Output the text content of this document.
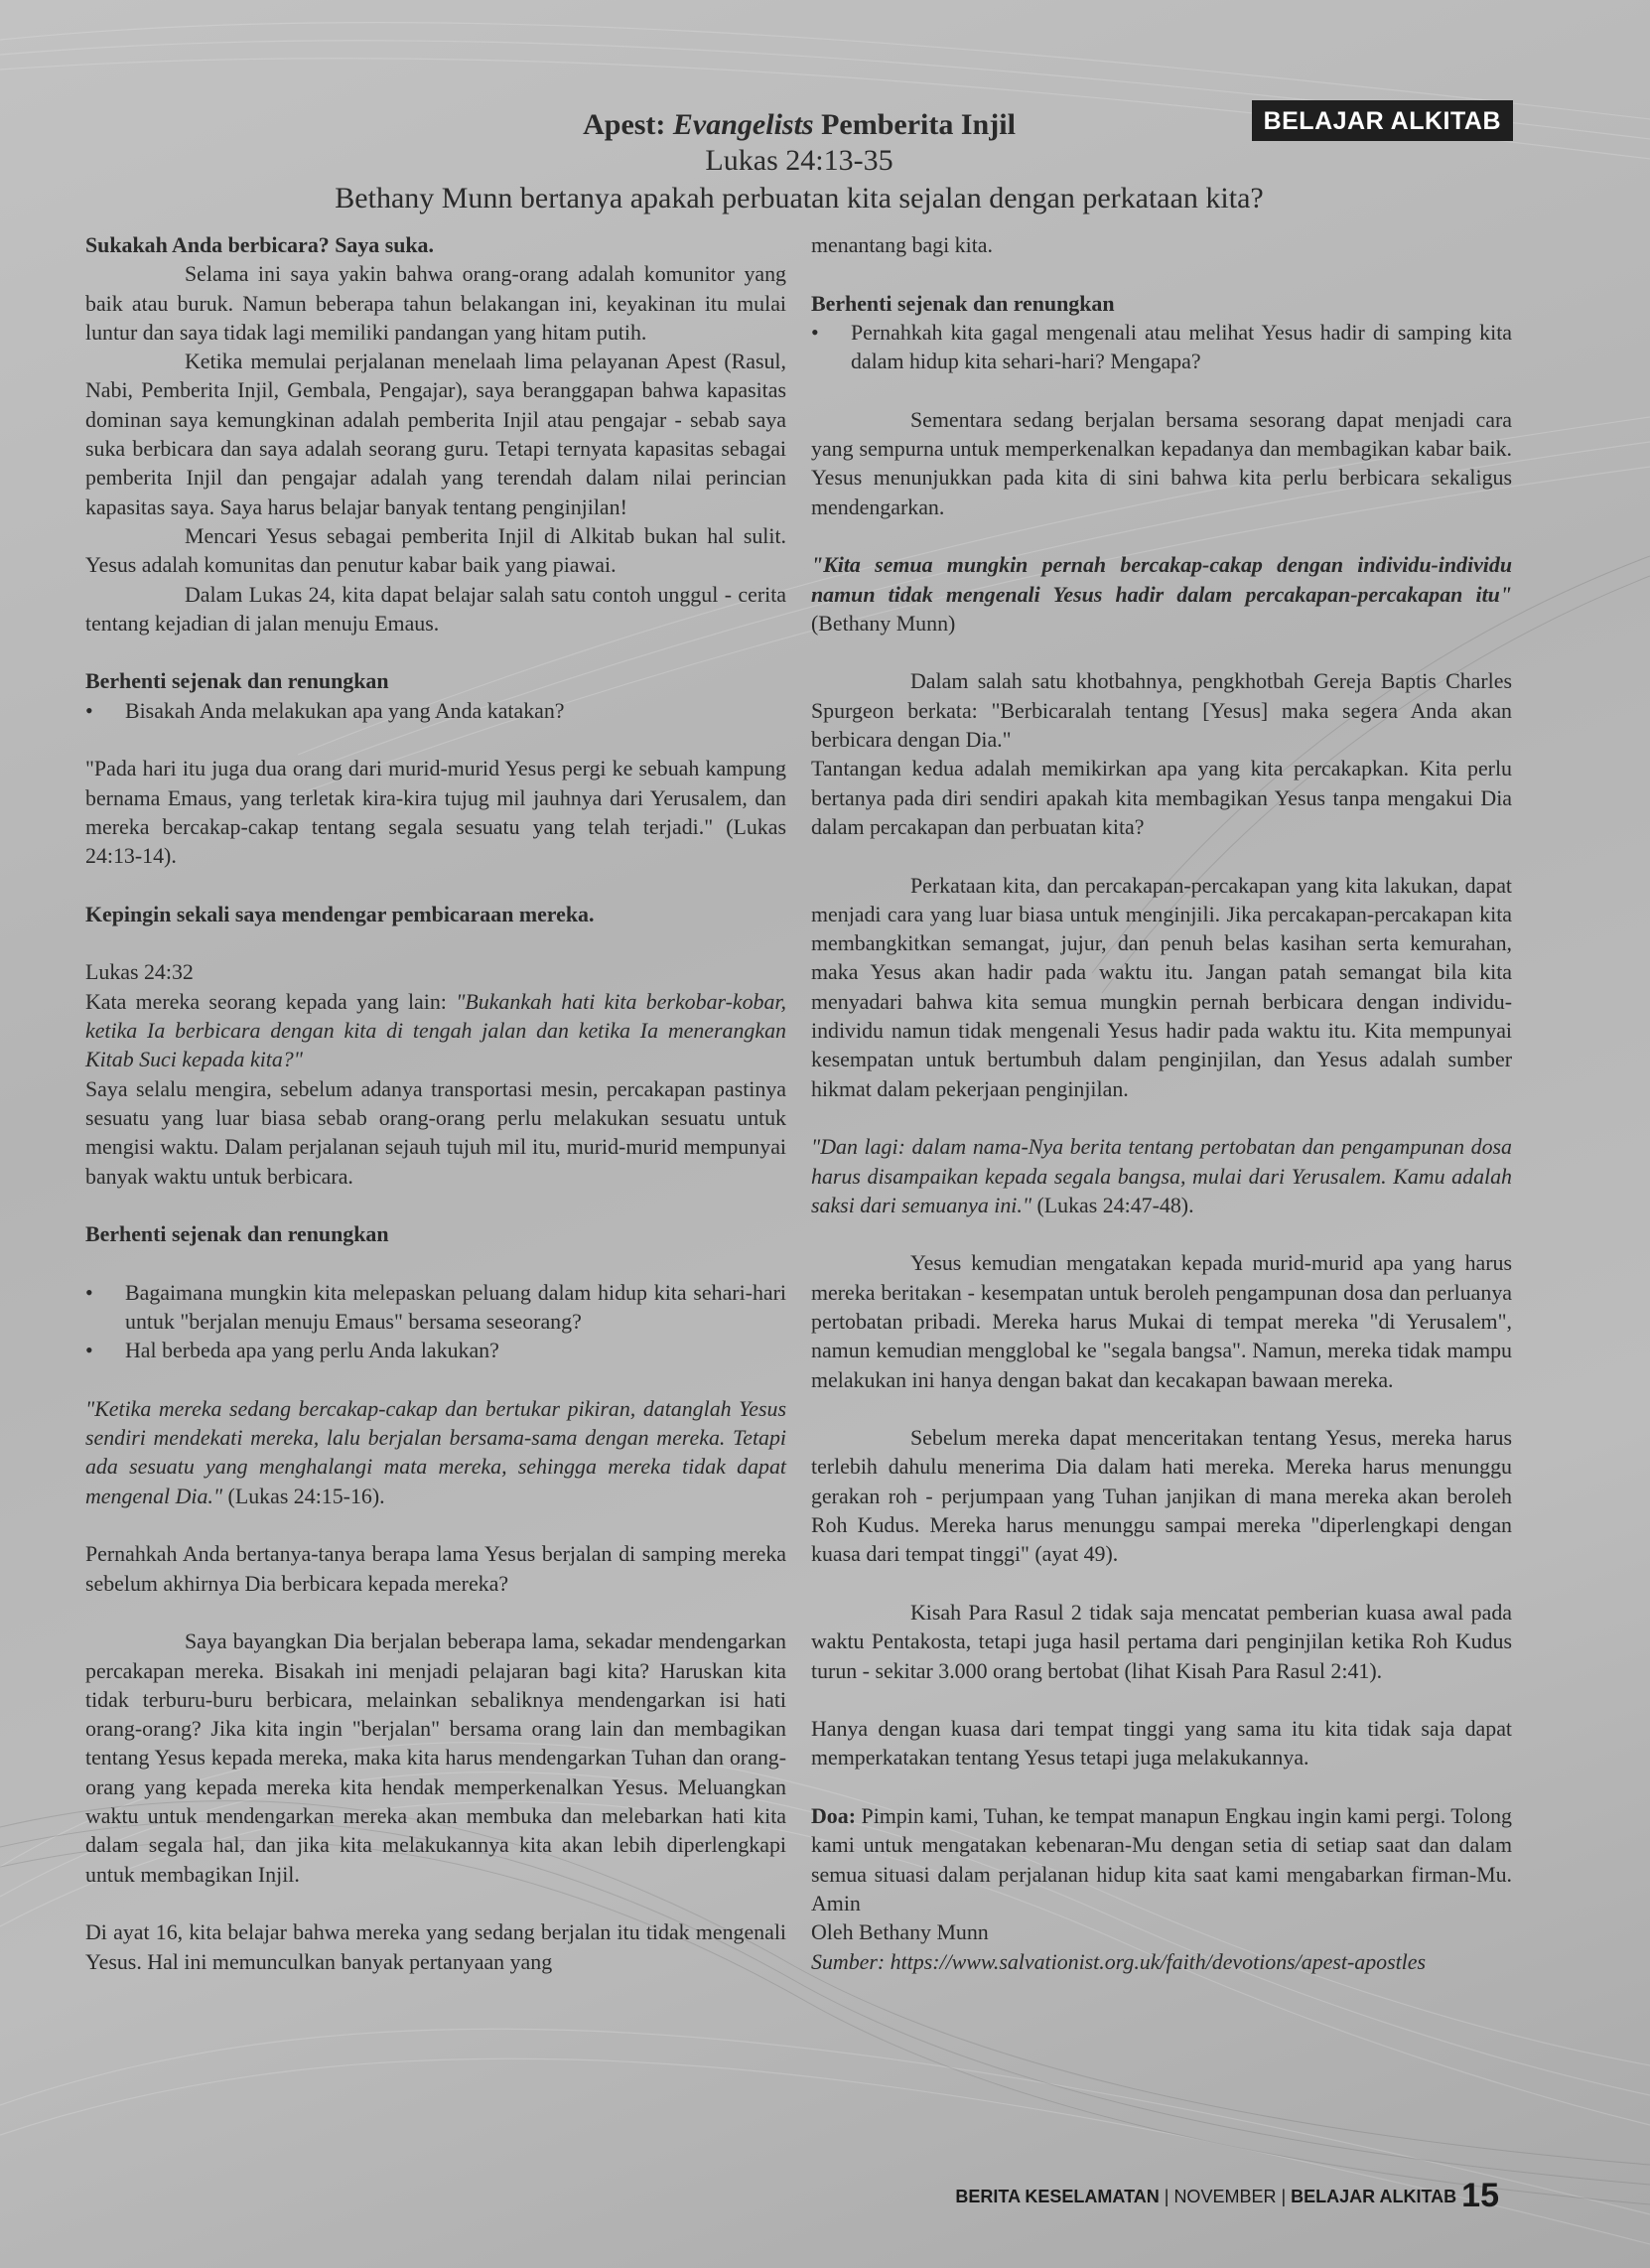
BELAJAR ALKITAB
Apest: Evangelists Pemberita Injil
Lukas 24:13-35
Bethany Munn bertanya apakah perbuatan kita sejalan dengan perkataan kita?

Sukakah Anda berbicara? Saya suka.

Selama ini saya yakin bahwa orang-orang adalah komunitor yang baik atau buruk. Namun beberapa tahun belakangan ini, keyakinan itu mulai luntur dan saya tidak lagi memiliki pandangan yang hitam putih.

Ketika memulai perjalanan menelaah lima pelayanan Apest (Rasul, Nabi, Pemberita Injil, Gembala, Pengajar), saya beranggapan bahwa kapasitas dominan saya kemungkinan adalah pemberita Injil atau pengajar - sebab saya suka berbicara dan saya adalah seorang guru. Tetapi ternyata kapasitas sebagai pemberita Injil dan pengajar adalah yang terendah dalam nilai perincian kapasitas saya. Saya harus belajar banyak tentang penginjilan!

Mencari Yesus sebagai pemberita Injil di Alkitab bukan hal sulit. Yesus adalah komunitas dan penutur kabar baik yang piawai.

Dalam Lukas 24, kita dapat belajar salah satu contoh unggul - cerita tentang kejadian di jalan menuju Emaus.

Berhenti sejenak dan renungkan

• Bisakah Anda melakukan apa yang Anda katakan?

"Pada hari itu juga dua orang dari murid-murid Yesus pergi ke sebuah kampung bernama Emaus, yang terletak kira-kira tujug mil jauhnya dari Yerusalem, dan mereka bercakap-cakap tentang segala sesuatu yang telah terjadi." (Lukas 24:13-14).

Kepingin sekali saya mendengar pembicaraan mereka.

Lukas 24:32

Kata mereka seorang kepada yang lain: "Bukankah hati kita berkobar-kobar, ketika Ia berbicara dengan kita di tengah jalan dan ketika Ia menerangkan Kitab Suci kepada kita?"

Saya selalu mengira, sebelum adanya transportasi mesin, percakapan pastinya sesuatu yang luar biasa sebab orang-orang perlu melakukan sesuatu untuk mengisi waktu. Dalam perjalanan sejauh tujuh mil itu, murid-murid mempunyai banyak waktu untuk berbicara.

Berhenti sejenak dan renungkan

• Bagaimana mungkin kita melepaskan peluang dalam hidup kita sehari-hari untuk "berjalan menuju Emaus" bersama seseorang?

• Hal berbeda apa yang perlu Anda lakukan?

"Ketika mereka sedang bercakap-cakap dan bertukar pikiran, datanglah Yesus sendiri mendekati mereka, lalu berjalan bersama-sama dengan mereka. Tetapi ada sesuatu yang menghalangi mata mereka, sehingga mereka tidak dapat mengenal Dia." (Lukas 24:15-16).

Pernahkah Anda bertanya-tanya berapa lama Yesus berjalan di samping mereka sebelum akhirnya Dia berbicara kepada mereka?

Saya bayangkan Dia berjalan beberapa lama, sekadar mendengarkan percakapan mereka. Bisakah ini menjadi pelajaran bagi kita? Haruskan kita tidak terburu-buru berbicara, melainkan sebaliknya mendengarkan isi hati orang-orang? Jika kita ingin "berjalan" bersama orang lain dan membagikan tentang Yesus kepada mereka, maka kita harus mendengarkan Tuhan dan orang-orang yang kepada mereka kita hendak memperkenalkan Yesus. Meluangkan waktu untuk mendengarkan mereka akan membuka dan melebarkan hati kita dalam segala hal, dan jika kita melakukannya kita akan lebih diperlengkapi untuk membagikan Injil.

Di ayat 16, kita belajar bahwa mereka yang sedang berjalan itu tidak mengenali Yesus. Hal ini memunculkan banyak pertanyaan yang

menantang bagi kita.

Berhenti sejenak dan renungkan

• Pernahkah kita gagal mengenali atau melihat Yesus hadir di samping kita dalam hidup kita sehari-hari? Mengapa?

Sementara sedang berjalan bersama sesorang dapat menjadi cara yang sempurna untuk memperkenalkan kepadanya dan membagikan kabar baik. Yesus menunjukkan pada kita di sini bahwa kita perlu berbicara sekaligus mendengarkan.

"Kita semua mungkin pernah bercakap-cakap dengan individu-individu namun tidak mengenali Yesus hadir dalam percakapan-percakapan itu" (Bethany Munn)

Dalam salah satu khotbahnya, pengkhotbah Gereja Baptis Charles Spurgeon berkata: "Berbicaralah tentang [Yesus] maka segera Anda akan berbicara dengan Dia."

Tantangan kedua adalah memikirkan apa yang kita percakapkan. Kita perlu bertanya pada diri sendiri apakah kita membagikan Yesus tanpa mengakui Dia dalam percakapan dan perbuatan kita?

Perkataan kita, dan percakapan-percakapan yang kita lakukan, dapat menjadi cara yang luar biasa untuk menginjili. Jika percakapan-percakapan kita membangkitkan semangat, jujur, dan penuh belas kasihan serta kemurahan, maka Yesus akan hadir pada waktu itu. Jangan patah semangat bila kita menyadari bahwa kita semua mungkin pernah berbicara dengan individu-individu namun tidak mengenali Yesus hadir pada waktu itu. Kita mempunyai kesempatan untuk bertumbuh dalam penginjilan, dan Yesus adalah sumber hikmat dalam pekerjaan penginjilan.

"Dan lagi: dalam nama-Nya berita tentang pertobatan dan pengampunan dosa harus disampaikan kepada segala bangsa, mulai dari Yerusalem. Kamu adalah saksi dari semuanya ini." (Lukas 24:47-48).

Yesus kemudian mengatakan kepada murid-murid apa yang harus mereka beritakan - kesempatan untuk beroleh pengampunan dosa dan perluanya pertobatan pribadi. Mereka harus Mukai di tempat mereka "di Yerusalem", namun kemudian mengglobal ke "segala bangsa". Namun, mereka tidak mampu melakukan ini hanya dengan bakat dan kecakapan bawaan mereka.

Sebelum mereka dapat menceritakan tentang Yesus, mereka harus terlebih dahulu menerima Dia dalam hati mereka. Mereka harus menunggu gerakan roh - perjumpaan yang Tuhan janjikan di mana mereka akan beroleh Roh Kudus. Mereka harus menunggu sampai mereka "diperlengkapi dengan kuasa dari tempat tinggi" (ayat 49).

Kisah Para Rasul 2 tidak saja mencatat pemberian kuasa awal pada waktu Pentakosta, tetapi juga hasil pertama dari penginjilan ketika Roh Kudus turun - sekitar 3.000 orang bertobat (lihat Kisah Para Rasul 2:41).

Hanya dengan kuasa dari tempat tinggi yang sama itu kita tidak saja dapat memperkatakan tentang Yesus tetapi juga melakukannya.

Doa: Pimpin kami, Tuhan, ke tempat manapun Engkau ingin kami pergi. Tolong kami untuk mengatakan kebenaran-Mu dengan setia di setiap saat dan dalam semua situasi dalam perjalanan hidup kita saat kami mengabarkan firman-Mu. Amin

Oleh Bethany Munn

Sumber: https://www.salvationist.org.uk/faith/devotions/apest-apostles

BERITA KESELAMATAN | NOVEMBER | BELAJAR ALKITAB 15
